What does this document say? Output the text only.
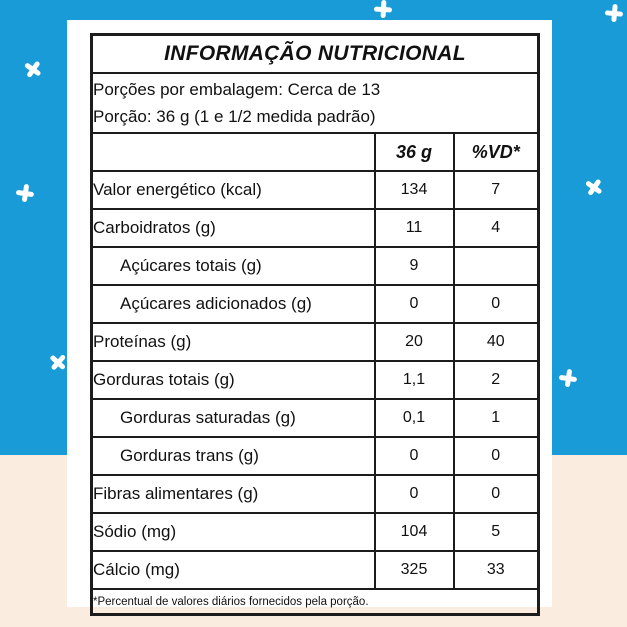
INFORMAÇÃO NUTRICIONAL		

Porções por embalagem: Cerca de 13
Porção: 36 g (1 e 1/2 medida padrão)		

	36 g	%VD*
Valor energético (kcal)	134	7
Carboidratos (g)	11	4
Açúcares totais (g)	9	
Açúcares adicionados (g)	0	0
Proteínas (g)	20	40
Gorduras totais (g)	1,1	2
Gorduras saturadas (g)	0,1	1
Gorduras trans (g)	0	0
Fibras alimentares (g)	0	0
Sódio (mg)	104	5
Cálcio (mg)	325	33
*Percentual de valores diários fornecidos pela porção.		
